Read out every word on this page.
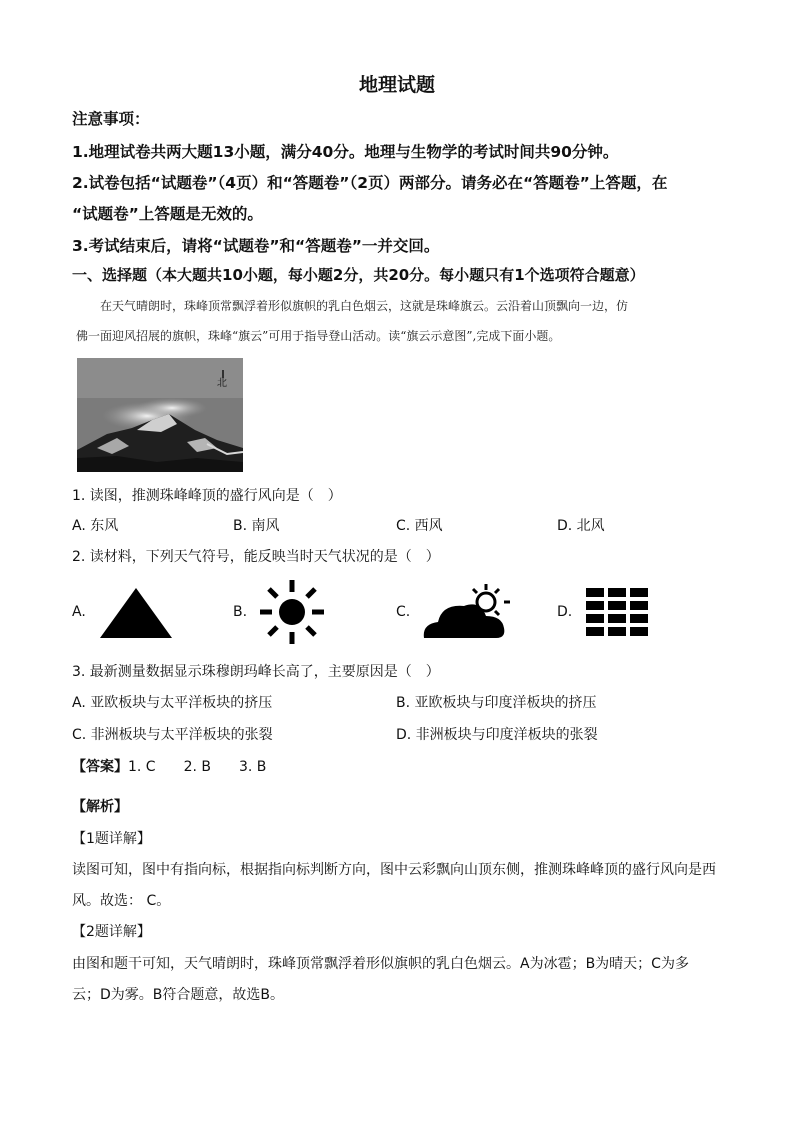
地理试题
注意事项：
1.地理试卷共两大题13小题，满分40分。地理与生物学的考试时间共90分钟。
2.试卷包括“试题卷”（4页）和“答题卷”（2页）两部分。请务必在“答题卷”上答题，在
“试题卷”上答题是无效的。
3.考试结束后，请将“试题卷”和“答题卷”一并交回。
一、选择题（本大题共10小题，每小题2分，共20分。每小题只有1个选项符合题意）
在天气晴朗时，珠峰顶常飘浮着形似旗帜的乳白色烟云，这就是珠峰旗云。云沿着山顶飘向一边，仿
佛一面迎风招展的旗帜，珠峰“旗云”可用于指导登山活动。读“旗云示意图”,完成下面小题。
北
1. 读图，推测珠峰峰顶的盛行风向是（　）
A. 东风	B. 南风	C. 西风	D. 北风
2. 读材料，下列天气符号，能反映当时天气状况的是（　）
A.	B.	C.	D.
3. 最新测量数据显示珠穆朗玛峰长高了，主要原因是（　）
A. 亚欧板块与太平洋板块的挤压	B. 亚欧板块与印度洋板块的挤压
C. 非洲板块与太平洋板块的张裂	D. 非洲板块与印度洋板块的张裂
【答案】1. C　　2. B　　3. B
【解析】
【1题详解】
读图可知，图中有指向标，根据指向标判断方向，图中云彩飘向山顶东侧，推测珠峰峰顶的盛行风向是西
风。故选： C。
【2题详解】
由图和题干可知，天气晴朗时，珠峰顶常飘浮着形似旗帜的乳白色烟云。A为冰雹；B为晴天；C为多
云；D为雾。B符合题意，故选B。
